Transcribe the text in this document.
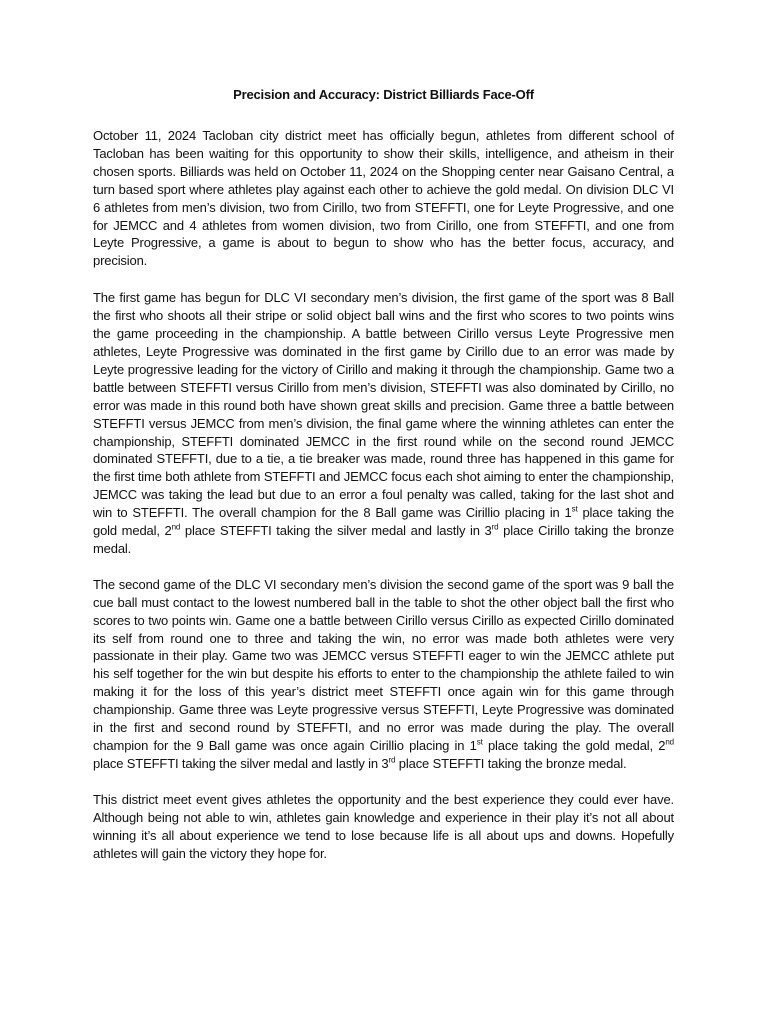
Precision and Accuracy: District Billiards Face-Off

October 11, 2024 Tacloban city district meet has officially begun, athletes from different school of Tacloban has been waiting for this opportunity to show their skills, intelligence, and atheism in their chosen sports. Billiards was held on October 11, 2024 on the Shopping center near Gaisano Central, a turn based sport where athletes play against each other to achieve the gold medal. On division DLC VI 6 athletes from men’s division, two from Cirillo, two from STEFFTI, one for Leyte Progressive, and one for JEMCC and 4 athletes from women division, two from Cirillo, one from STEFFTI, and one from Leyte Progressive, a game is about to begun to show who has the better focus, accuracy, and precision.

The first game has begun for DLC VI secondary men’s division, the first game of the sport was 8 Ball the first who shoots all their stripe or solid object ball wins and the first who scores to two points wins the game proceeding in the championship. A battle between Cirillo versus Leyte Progressive men athletes, Leyte Progressive was dominated in the first game by Cirillo due to an error was made by Leyte progressive leading for the victory of Cirillo and making it through the championship. Game two a battle between STEFFTI versus Cirillo from men’s division, STEFFTI was also dominated by Cirillo, no error was made in this round both have shown great skills and precision. Game three a battle between STEFFTI versus JEMCC from men’s division, the final game where the winning athletes can enter the championship, STEFFTI dominated JEMCC in the first round while on the second round JEMCC dominated STEFFTI, due to a tie, a tie breaker was made, round three has happened in this game for the first time both athlete from STEFFTI and JEMCC focus each shot aiming to enter the championship, JEMCC was taking the lead but due to an error a foul penalty was called, taking for the last shot and win to STEFFTI. The overall champion for the 8 Ball game was Cirillio placing in 1st place taking the gold medal, 2nd place STEFFTI taking the silver medal and lastly in 3rd place Cirillo taking the bronze medal.

The second game of the DLC VI secondary men’s division the second game of the sport was 9 ball the cue ball must contact to the lowest numbered ball in the table to shot the other object ball the first who scores to two points win. Game one a battle between Cirillo versus Cirillo as expected Cirillo dominated its self from round one to three and taking the win, no error was made both athletes were very passionate in their play. Game two was JEMCC versus STEFFTI eager to win the JEMCC athlete put his self together for the win but despite his efforts to enter to the championship the athlete failed to win making it for the loss of this year’s district meet STEFFTI once again win for this game through championship. Game three was Leyte progressive versus STEFFTI, Leyte Progressive was dominated in the first and second round by STEFFTI, and no error was made during the play. The overall champion for the 9 Ball game was once again Cirillio placing in 1st place taking the gold medal, 2nd place STEFFTI taking the silver medal and lastly in 3rd place STEFFTI taking the bronze medal.

This district meet event gives athletes the opportunity and the best experience they could ever have. Although being not able to win, athletes gain knowledge and experience in their play it’s not all about winning it’s all about experience we tend to lose because life is all about ups and downs. Hopefully athletes will gain the victory they hope for.
